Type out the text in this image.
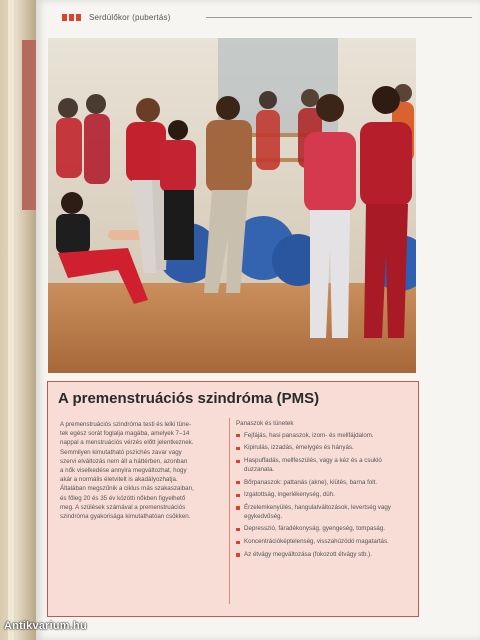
Serdülőkor (pubertás)
A premenstruációs szindróma (PMS)

A premenstruációs szindróma testi és lelki tüne-

tek egész sorát foglalja magába, amelyek 7–14

nappal a menstruációs vérzés előtt jelentkeznek.

Semmilyen kimutatható pszichés zavar vagy

szervi elváltozás nem áll a háttérben, azonban

a nők viselkedése annyira megváltozhat, hogy

akár a normális életvitelt is akadályozhatja.

Általában megszűnik a ciklus más szakaszaiban,

és főleg 20 és 35 év közötti nőkben figyelhető

meg. A szülések számával a premenstruációs

szindróma gyakorisága kimutathatóan csökken.

Panaszok és tünetek

Fejfájás, hasi panaszok, izom- és mellfájdalom.
Kipirulás, izzadás, émelygés és hányás.
Haspuffadás, mellfeszülés, vagy a kéz és a csukló duzzanata.
Bőrpanaszok: pattanás (akne), kiütés, barna folt.
Izgatottság, ingerlékenység, düh.
Érzelemkenyülés, hangulatváltozások, levertség vagy egykedvűség.
Depresszió, fáradékonyság, gyengeség, tompaság.
Koncentrációképtelenség, visszahúzódó magatartás.
Az étvágy megváltozása (fokozott étvágy stb.).
Antikvarium.hu
